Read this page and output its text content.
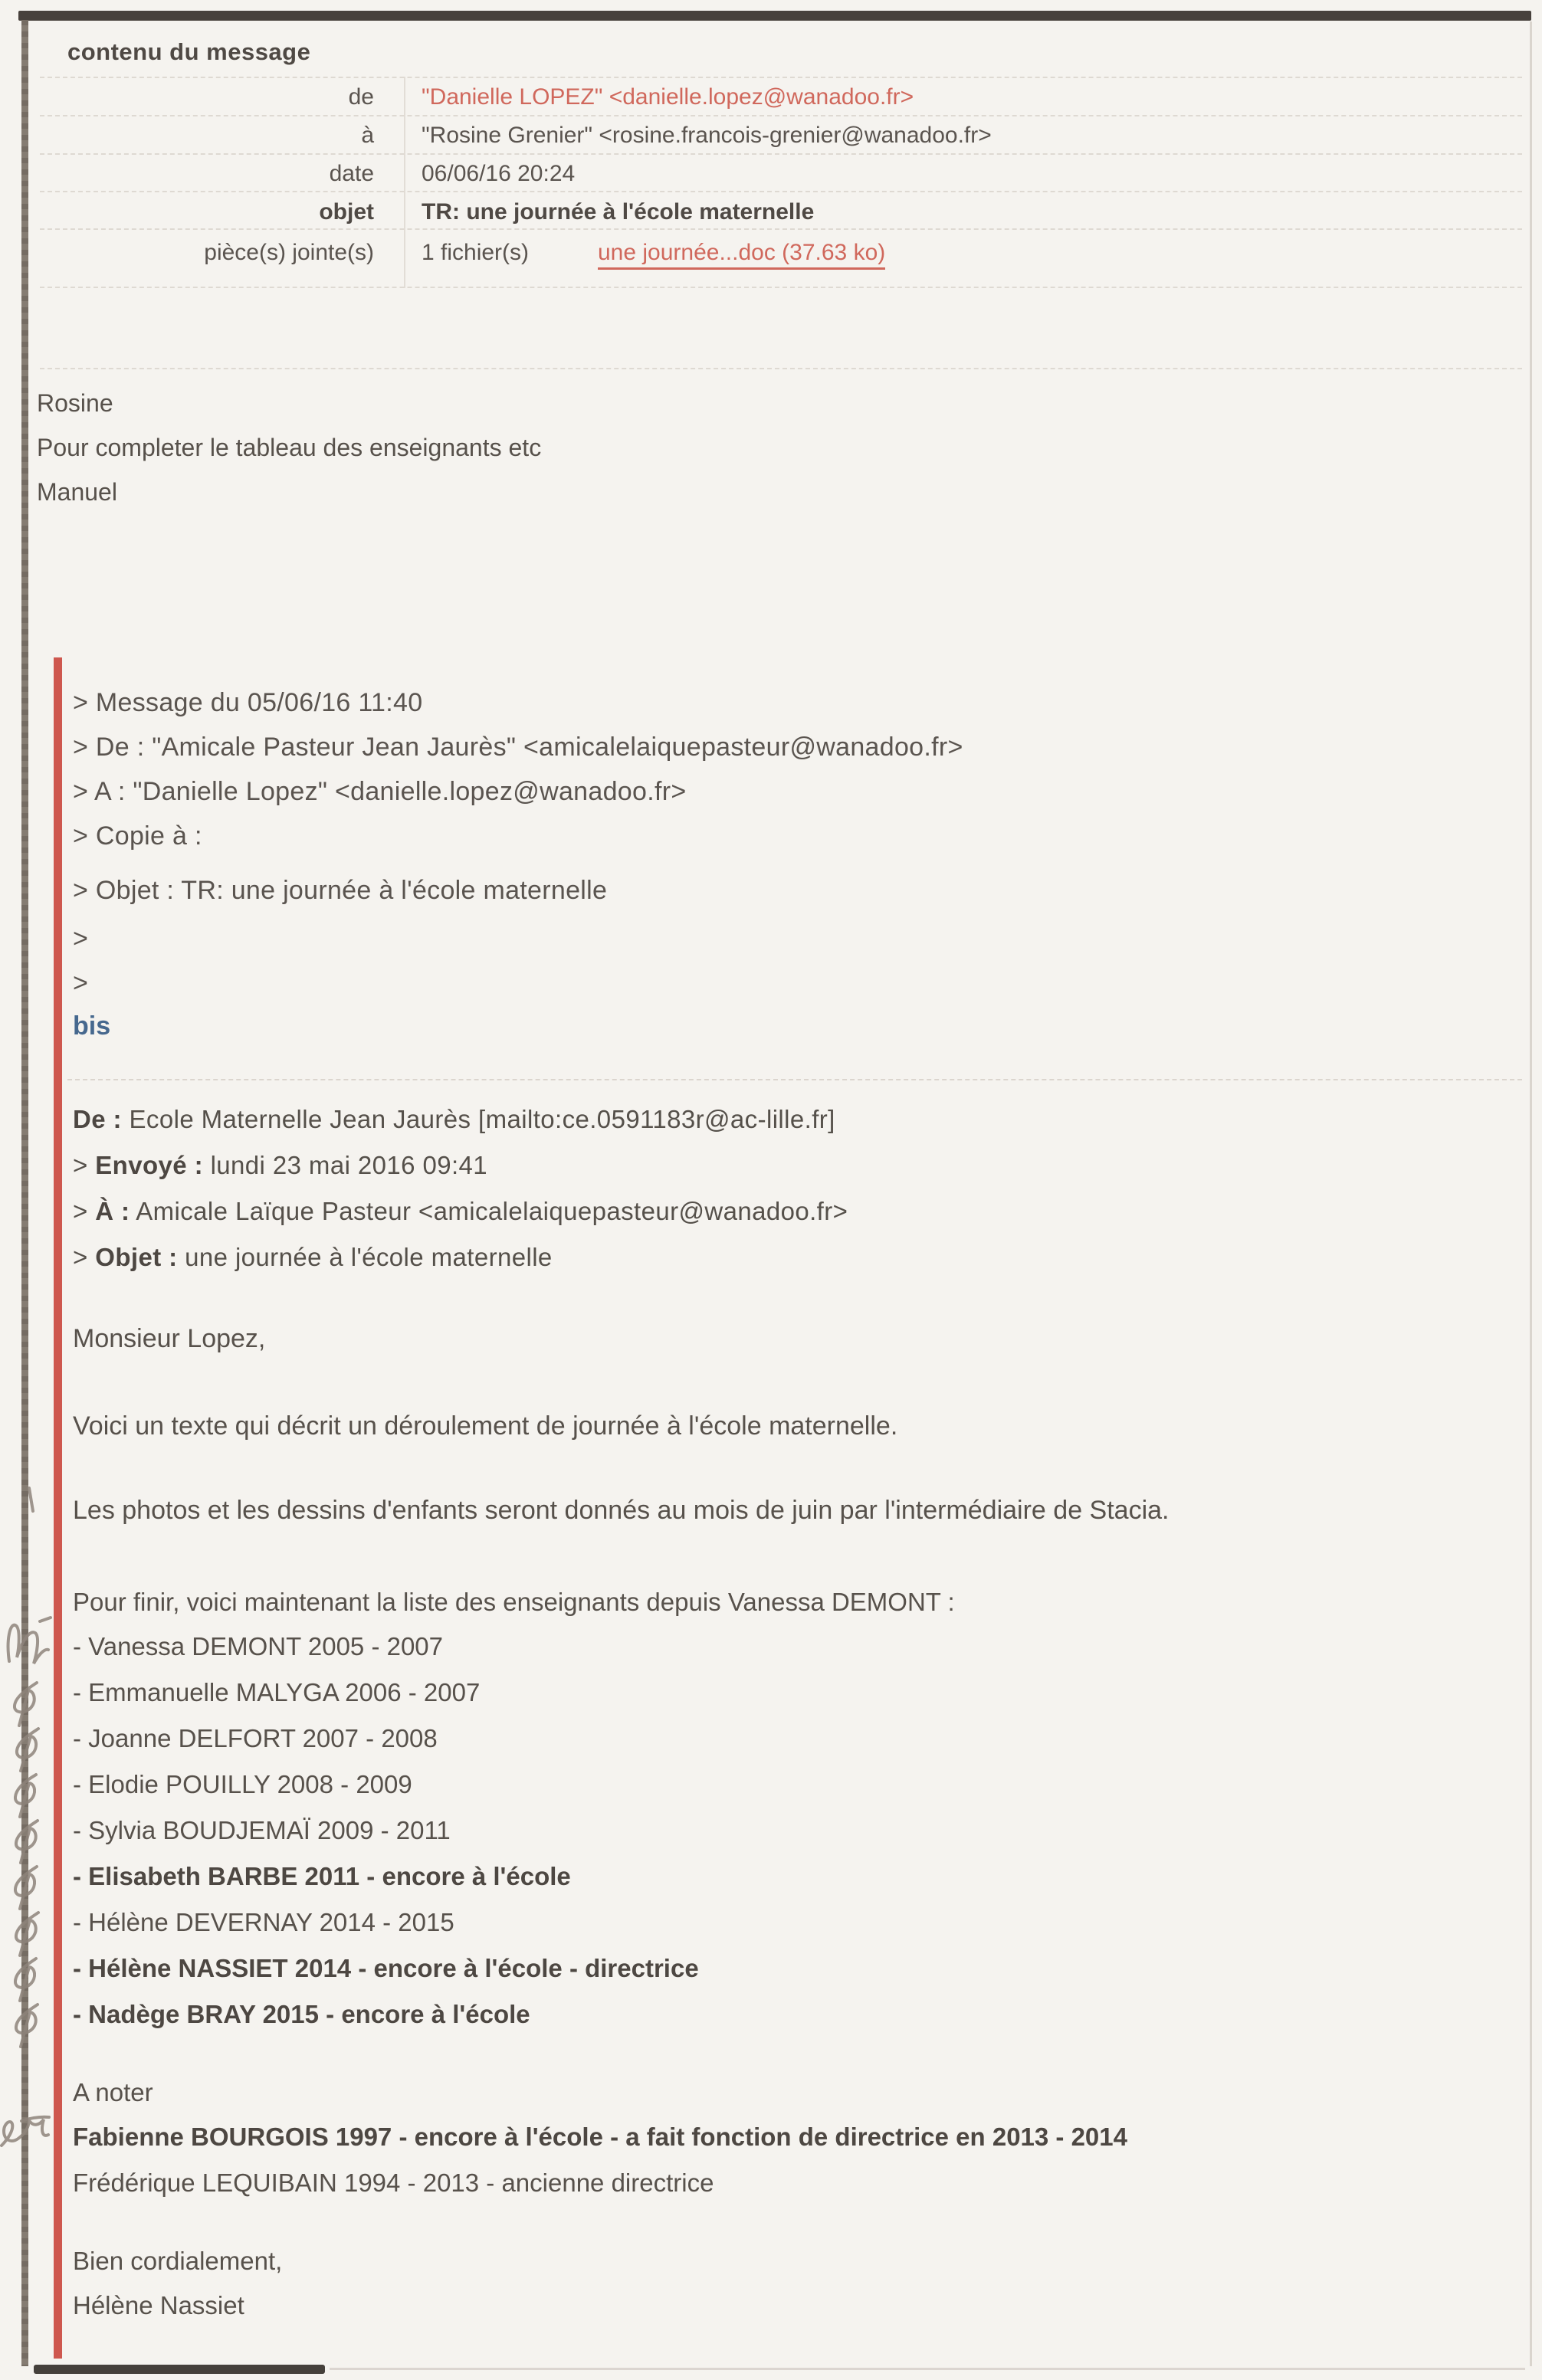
contenu du message
de "Danielle LOPEZ" <danielle.lopez@wanadoo.fr>
à "Rosine Grenier" <rosine.francois-grenier@wanadoo.fr>
date 06/06/16 20:24
objet TR: une journée à l'école maternelle
pièce(s) jointe(s) 1 fichier(s)	une journée...doc (37.63 ko)
Rosine
Pour completer le tableau des enseignants etc
Manuel
> Message du 05/06/16 11:40
> De : "Amicale Pasteur Jean Jaurès" <amicalelaiquepasteur@wanadoo.fr>
> A : "Danielle Lopez" <danielle.lopez@wanadoo.fr>
> Copie à :
> Objet : TR: une journée à l'école maternelle
>
>
bis
De : Ecole Maternelle Jean Jaurès [mailto:ce.0591183r@ac-lille.fr]
> Envoyé : lundi 23 mai 2016 09:41
> À : Amicale Laïque Pasteur <amicalelaiquepasteur@wanadoo.fr>
> Objet : une journée à l'école maternelle
Monsieur Lopez,
Voici un texte qui décrit un déroulement de journée à l'école maternelle.
Les photos et les dessins d'enfants seront donnés au mois de juin par l'intermédiaire de Stacia.
Pour finir, voici maintenant la liste des enseignants depuis Vanessa DEMONT :
- Vanessa DEMONT 2005 - 2007
- Emmanuelle MALYGA 2006 - 2007
- Joanne DELFORT 2007 - 2008
- Elodie POUILLY 2008 - 2009
- Sylvia BOUDJEMAÏ 2009 - 2011
- Elisabeth BARBE 2011 - encore à l'école
- Hélène DEVERNAY 2014 - 2015
- Hélène NASSIET 2014 - encore à l'école - directrice
- Nadège BRAY 2015 - encore à l'école
A noter
Fabienne BOURGOIS 1997 - encore à l'école - a fait fonction de directrice en 2013 - 2014
Frédérique LEQUIBAIN 1994 - 2013 - ancienne directrice
Bien cordialement,
Hélène Nassiet
